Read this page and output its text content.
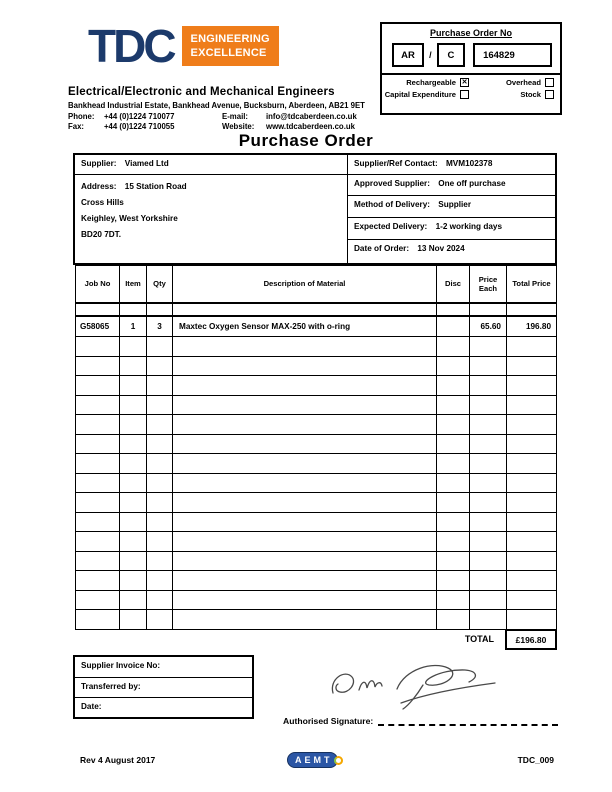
TDC ENGINEERING
EXCELLENCE
Electrical/Electronic and Mechanical Engineers
Bankhead Industrial Estate, Bankhead Avenue, Bucksburn, Aberdeen, AB21 9ET
Phone:	+44 (0)1224 710077	E-mail:	info@tdcaberdeen.co.uk
Fax:	+44 (0)1224 710055	Website:	www.tdcaberdeen.co.uk
Purchase Order No
AR	/	C	164829
Rechargeable ✕	Overhead
Capital Expenditure	Stock
Purchase Order
Supplier: Viamed Ltd
Address: 15 Station Road
Cross Hills
Keighley, West Yorkshire
BD20 7DT.
Supplier/Ref Contact: MVM102378
Approved Supplier: One off purchase
Method of Delivery: Supplier
Expected Delivery: 1-2 working days
Date of Order: 13 Nov 2024
Job No	Item	Qty	Description of Material	Disc	Price Each	Total Price

G58065	1	3	Maxtec Oxygen Sensor MAX-250 with o-ring		65.60	196.80

TOTAL	£196.80
Supplier Invoice No:
Transferred by:
Date:
Authorised Signature:
Rev 4 August 2017	AEMT	TDC_009
